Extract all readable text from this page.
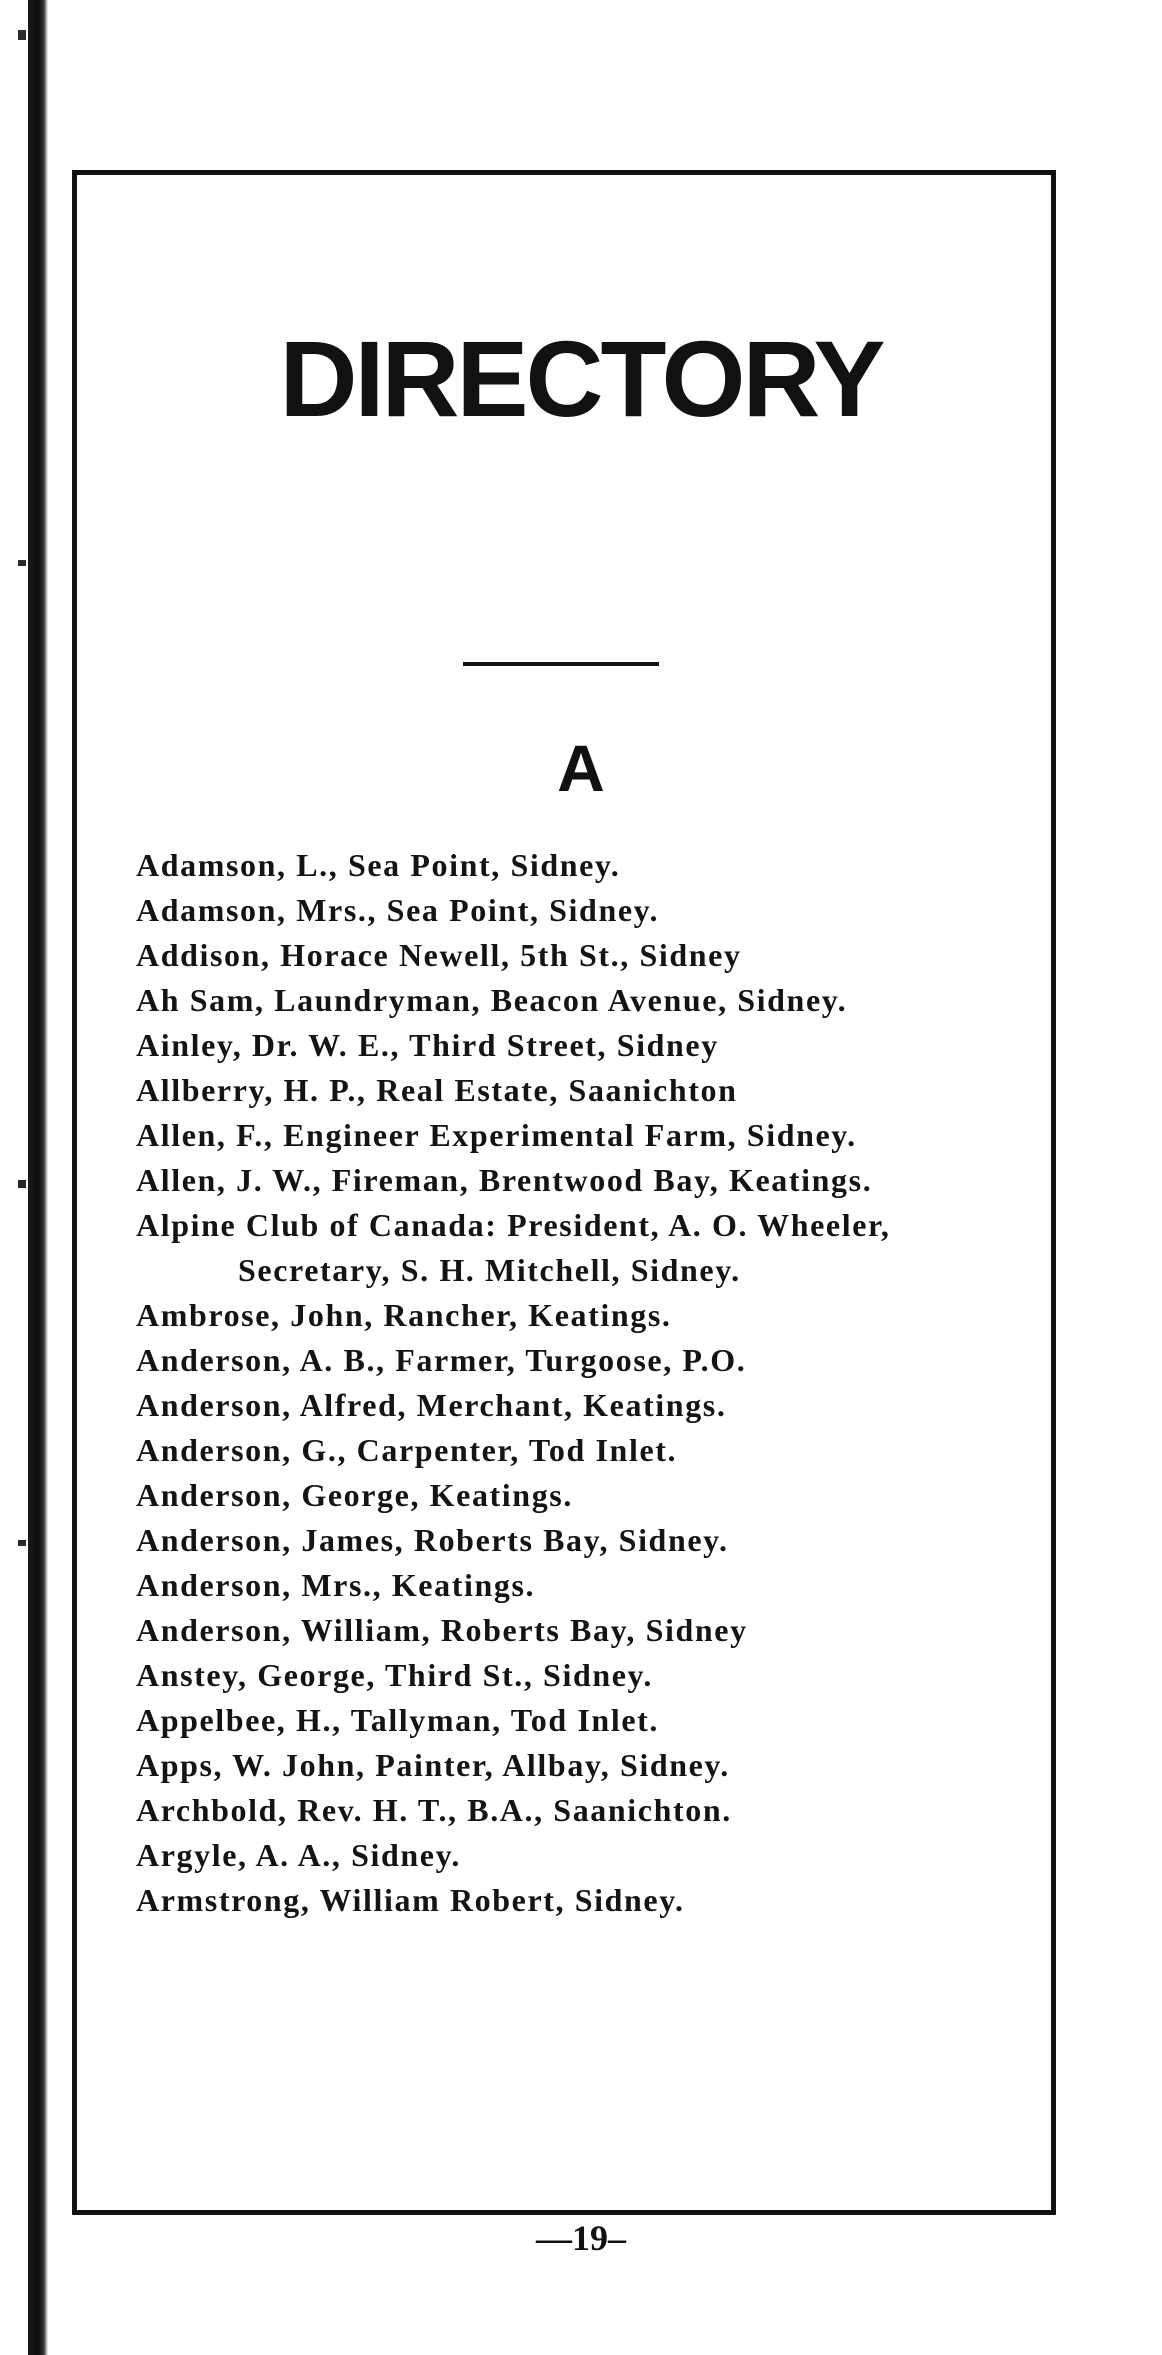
DIRECTORY
A
Adamson, L., Sea Point, Sidney.
Adamson, Mrs., Sea Point, Sidney.
Addison, Horace Newell, 5th St., Sidney
Ah Sam, Laundryman, Beacon Avenue, Sidney.
Ainley, Dr. W. E., Third Street, Sidney
Allberry, H. P., Real Estate, Saanichton
Allen, F., Engineer Experimental Farm, Sidney.
Allen, J. W., Fireman, Brentwood Bay, Keatings.
Alpine Club of Canada: President, A. O. Wheeler, Secretary, S. H. Mitchell, Sidney.
Ambrose, John, Rancher, Keatings.
Anderson, A. B., Farmer, Turgoose, P.O.
Anderson, Alfred, Merchant, Keatings.
Anderson, G., Carpenter, Tod Inlet.
Anderson, George, Keatings.
Anderson, James, Roberts Bay, Sidney.
Anderson, Mrs., Keatings.
Anderson, William, Roberts Bay, Sidney
Anstey, George, Third St., Sidney.
Appelbee, H., Tallyman, Tod Inlet.
Apps, W. John, Painter, Allbay, Sidney.
Archbold, Rev. H. T., B.A., Saanichton.
Argyle, A. A., Sidney.
Armstrong, William Robert, Sidney.
—19–
